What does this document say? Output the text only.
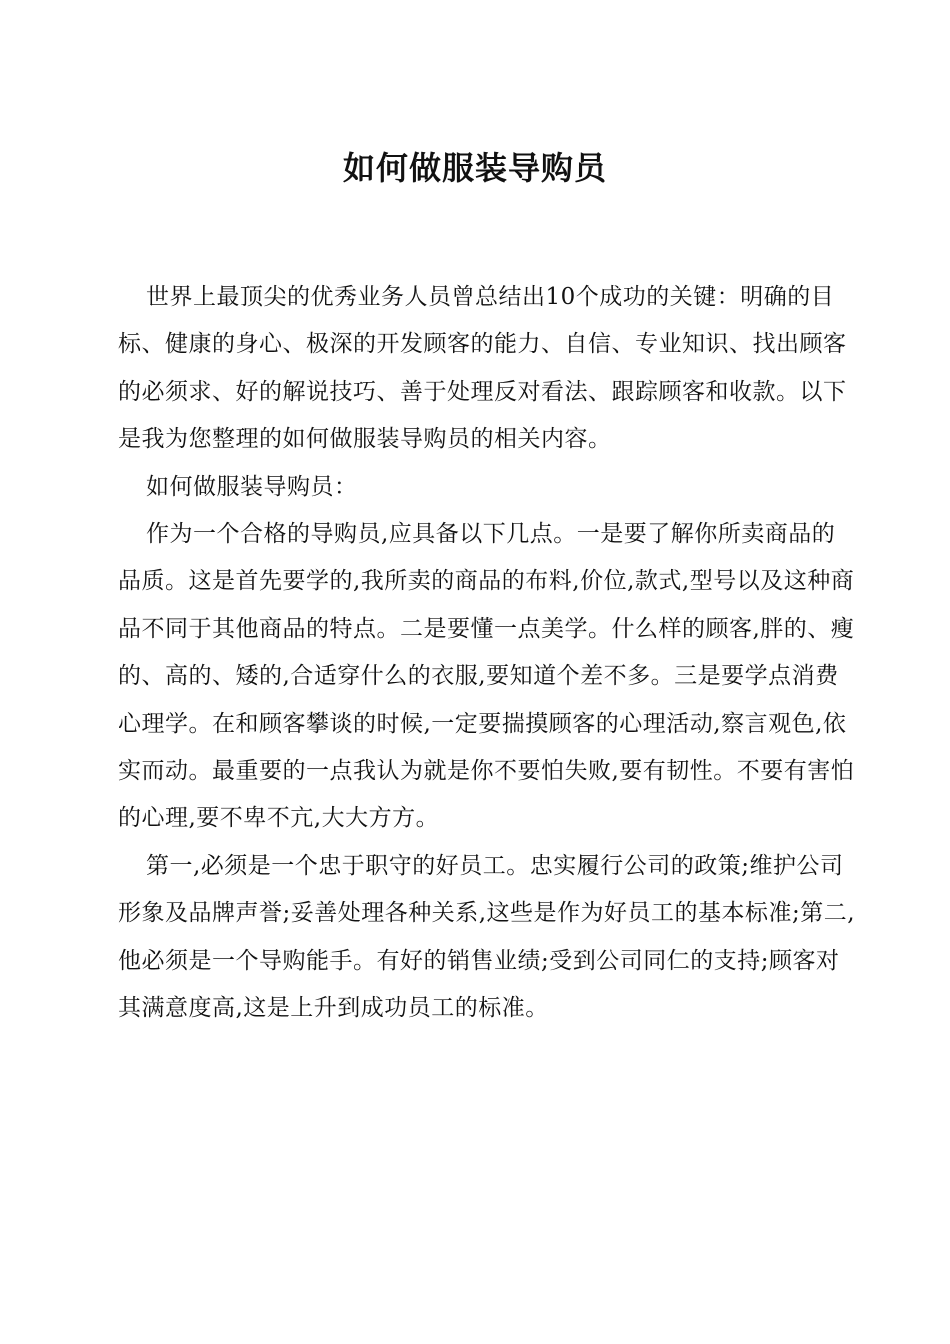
如何做服装导购员

世界上最顶尖的优秀业务人员曾总结出10个成功的关键：明确的目标、健康的身心、极深的开发顾客的能力、自信、专业知识、找出顾客的必须求、好的解说技巧、善于处理反对看法、跟踪顾客和收款。以下是我为您整理的如何做服装导购员的相关内容。

如何做服装导购员：

作为一个合格的导购员,应具备以下几点。一是要了解你所卖商品的品质。这是首先要学的,我所卖的商品的布料,价位,款式,型号以及这种商品不同于其他商品的特点。二是要懂一点美学。什么样的顾客,胖的、瘦的、高的、矮的,合适穿什么的衣服,要知道个差不多。三是要学点消费心理学。在和顾客攀谈的时候,一定要揣摸顾客的心理活动,察言观色,依实而动。最重要的一点我认为就是你不要怕失败,要有韧性。不要有害怕的心理,要不卑不亢,大大方方。

第一,必须是一个忠于职守的好员工。忠实履行公司的政策;维护公司形象及品牌声誉;妥善处理各种关系,这些是作为好员工的基本标准;第二,他必须是一个导购能手。有好的销售业绩;受到公司同仁的支持;顾客对其满意度高,这是上升到成功员工的标准。
